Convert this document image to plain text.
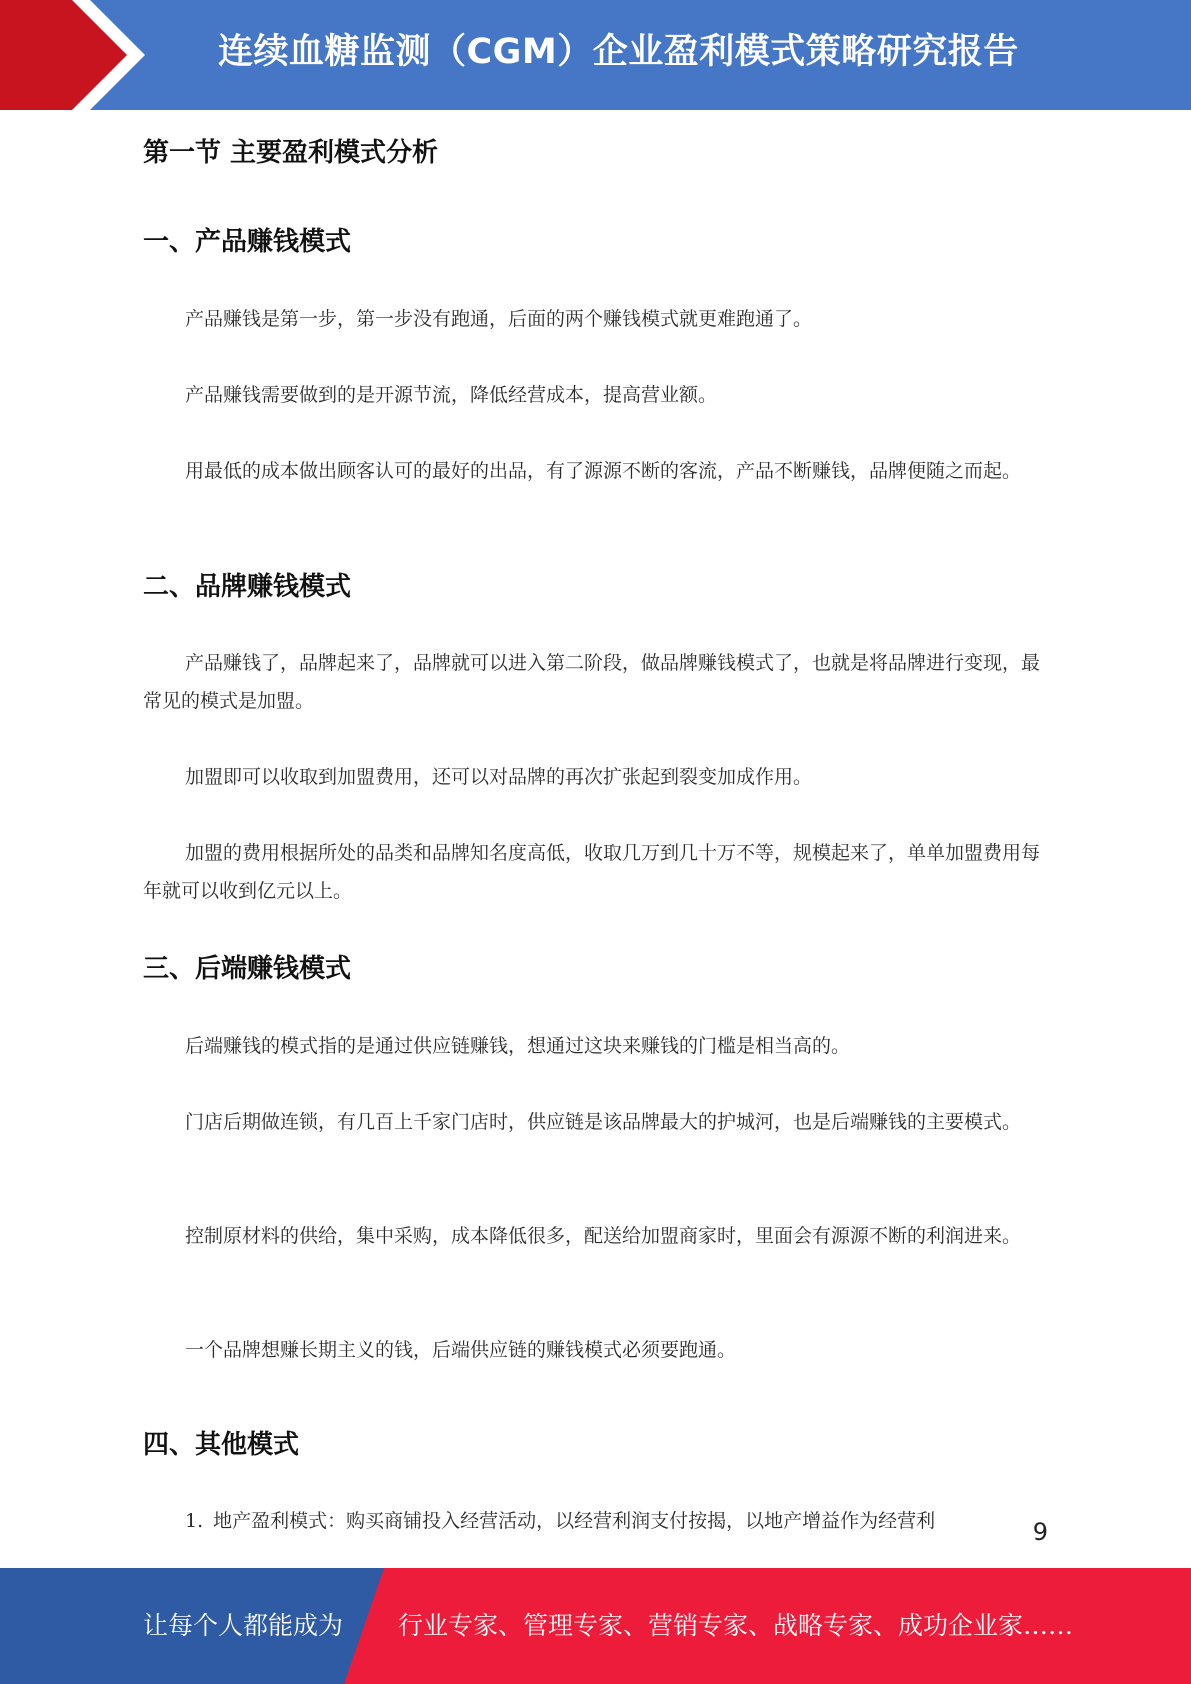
连续血糖监测（CGM）企业盈利模式策略研究报告
第一节 主要盈利模式分析
一、产品赚钱模式

产品赚钱是第一步，第一步没有跑通，后面的两个赚钱模式就更难跑通了。

产品赚钱需要做到的是开源节流，降低经营成本，提高营业额。

用最低的成本做出顾客认可的最好的出品，有了源源不断的客流，产品不断赚钱，品牌便随之而起。

二、品牌赚钱模式

产品赚钱了，品牌起来了，品牌就可以进入第二阶段，做品牌赚钱模式了，也就是将品牌进行变现，最常见的模式是加盟。

加盟即可以收取到加盟费用，还可以对品牌的再次扩张起到裂变加成作用。

加盟的费用根据所处的品类和品牌知名度高低，收取几万到几十万不等，规模起来了，单单加盟费用每年就可以收到亿元以上。

三、后端赚钱模式

后端赚钱的模式指的是通过供应链赚钱，想通过这块来赚钱的门槛是相当高的。

门店后期做连锁，有几百上千家门店时，供应链是该品牌最大的护城河，也是后端赚钱的主要模式。

控制原材料的供给，集中采购，成本降低很多，配送给加盟商家时，里面会有源源不断的利润进来。

一个品牌想赚长期主义的钱，后端供应链的赚钱模式必须要跑通。

四、其他模式

1. 地产盈利模式：购买商铺投入经营活动，以经营利润支付按揭，以地产增益作为经营利	9
让每个人都能成为 行业专家、管理专家、营销专家、战略专家、成功企业家……
